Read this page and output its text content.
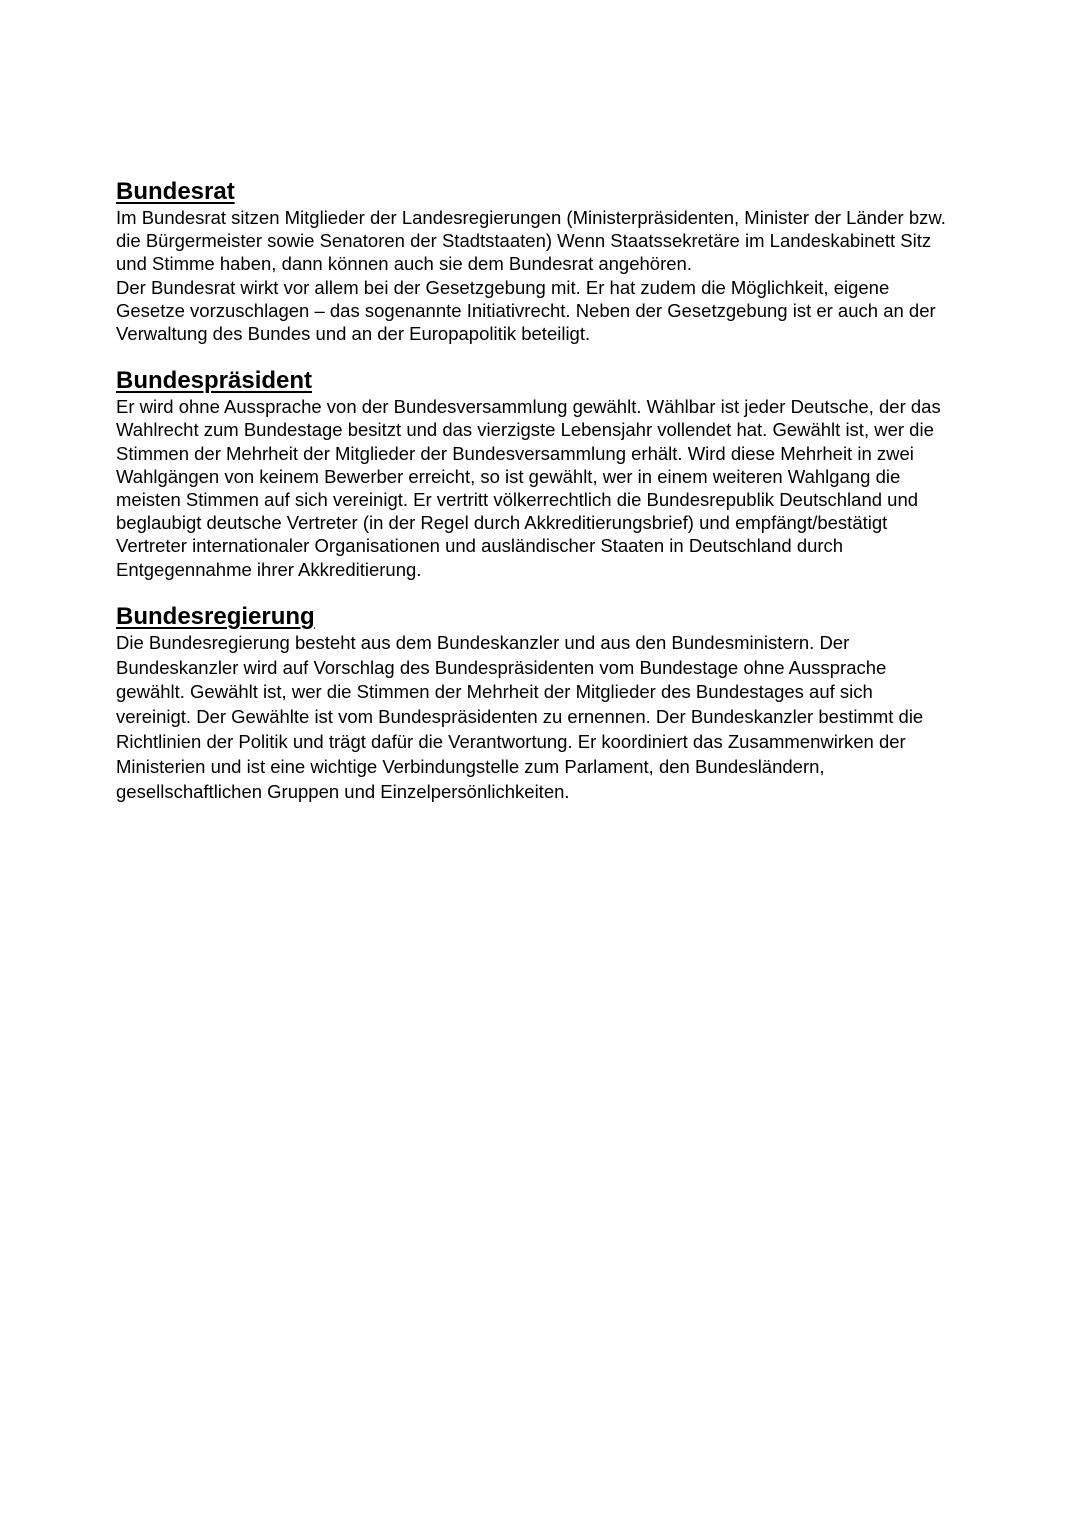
Bundesrat

Im Bundesrat sitzen Mitglieder der Landesregierungen (Ministerpräsidenten, Minister der Länder bzw.

die Bürgermeister sowie Senatoren der Stadtstaaten) Wenn Staatssekretäre im Landeskabinett Sitz

und Stimme haben, dann können auch sie dem Bundesrat angehören.

Der Bundesrat wirkt vor allem bei der Gesetzgebung mit. Er hat zudem die Möglichkeit, eigene

Gesetze vorzuschlagen – das sogenannte Initiativrecht. Neben der Gesetzgebung ist er auch an der

Verwaltung des Bundes und an der Europapolitik beteiligt.

Bundespräsident

Er wird ohne Aussprache von der Bundesversammlung gewählt. Wählbar ist jeder Deutsche, der das

Wahlrecht zum Bundestage besitzt und das vierzigste Lebensjahr vollendet hat. Gewählt ist, wer die

Stimmen der Mehrheit der Mitglieder der Bundesversammlung erhält. Wird diese Mehrheit in zwei

Wahlgängen von keinem Bewerber erreicht, so ist gewählt, wer in einem weiteren Wahlgang die

meisten Stimmen auf sich vereinigt. Er vertritt völkerrechtlich die Bundesrepublik Deutschland und

beglaubigt deutsche Vertreter (in der Regel durch Akkreditierungsbrief) und empfängt/bestätigt

Vertreter internationaler Organisationen und ausländischer Staaten in Deutschland durch

Entgegennahme ihrer Akkreditierung.

Bundesregierung

Die Bundesregierung besteht aus dem Bundeskanzler und aus den Bundesministern. Der

Bundeskanzler wird auf Vorschlag des Bundespräsidenten vom Bundestage ohne Aussprache

gewählt. Gewählt ist, wer die Stimmen der Mehrheit der Mitglieder des Bundestages auf sich

vereinigt. Der Gewählte ist vom Bundespräsidenten zu ernennen. Der Bundeskanzler bestimmt die

Richtlinien der Politik und trägt dafür die Verantwortung. Er koordiniert das Zusammenwirken der

Ministerien und ist eine wichtige Verbindungstelle zum Parlament, den Bundesländern,

gesellschaftlichen Gruppen und Einzelpersönlichkeiten.
